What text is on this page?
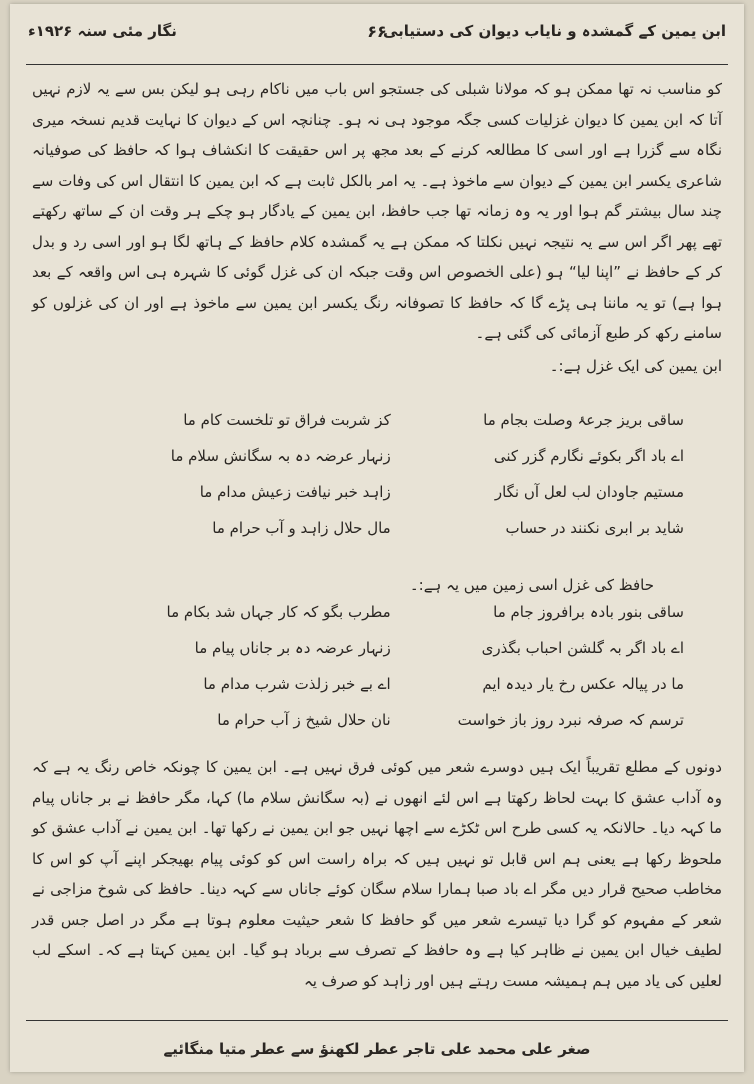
ابن یمین کے گمشدہ و نایاب دیوان کی دستیابی
۶۶
نگار مئی سنہ ۱۹۲۶ء

کو مناسب نہ تھا ممکن ہو کہ مولانا شبلی کی جستجو اس باب میں ناکام رہی ہو لیکن بس سے یہ لازم نہیں آتا کہ ابن یمین کا دیوان غزلیات کسی جگہ موجود ہی نہ ہو۔ چنانچہ اس کے دیوان کا نہایت قدیم نسخہ میری نگاہ سے گزرا ہے اور اسی کا مطالعہ کرنے کے بعد مجھ پر اس حقیقت کا انکشاف ہوا کہ حافظ کی صوفیانہ شاعری یکسر ابن یمین کے دیوان سے ماخوذ ہے۔ یہ امر بالکل ثابت ہے کہ ابن یمین کا انتقال اس کی وفات سے چند سال بیشتر گم ہوا اور یہ وہ زمانہ تھا جب حافظ، ابن یمین کے یادگار ہو چکے ہر وقت ان کے ساتھ رکھتے تھے پھر اگر اس سے یہ نتیجہ نہیں نکلتا کہ ممکن ہے یہ گمشدہ کلام حافظ کے ہاتھ لگا ہو اور اسی رد و بدل کر کے حافظ نے ”اپنا لیا“ ہو (علی الخصوص اس وقت جبکہ ان کی غزل گوئی کا شہرہ ہی اس واقعہ کے بعد ہوا ہے) تو یہ ماننا ہی پڑے گا کہ حافظ کا تصوفانہ رنگ یکسر ابن یمین سے ماخوذ ہے اور ان کی غزلوں کو سامنے رکھ کر طبع آزمائی کی گئی ہے۔

ابن یمین کی ایک غزل ہے:۔

ساقی بریز جرعۂ وصلت بجام ما
کز شربت فراق تو تلخست کام ما
اے باد اگر بکوئے نگارم گزر کنی
زنہار عرضہ دہ بہ سگانش سلام ما
مستیم جاودان لب لعل آں نگار
زاہد خبر نیافت زعیش مدام ما
شاید بر ابری نکنند در حساب
مال حلال زاہد و آب حرام ما
حافظ کی غزل اسی زمین میں یہ ہے:۔
ساقی بنور بادہ برافروز جام ما
مطرب بگو کہ کار جہاں شد بکام ما
اے باد اگر بہ گلشن احباب بگذری
زنہار عرضہ دہ بر جاناں پیام ما
ما در پیالہ عکس رخ یار دیدہ ایم
اے بے خبر زلذت شرب مدام ما
ترسم کہ صرفہ نبرد روز باز خواست
نان حلال شیخ ز آب حرام ما

دونوں کے مطلع تقریباً ایک ہیں دوسرے شعر میں کوئی فرق نہیں ہے۔ ابن یمین کا چونکہ خاص رنگ یہ ہے کہ وہ آداب عشق کا بہت لحاظ رکھتا ہے اس لئے انھوں نے (بہ سگانش سلام ما) کہا، مگر حافظ نے بر جاناں پیام ما کہہ دیا۔ حالانکہ یہ کسی طرح اس ٹکڑے سے اچھا نہیں جو ابن یمین نے رکھا تھا۔ ابن یمین نے آداب عشق کو ملحوظ رکھا ہے یعنی ہم اس قابل تو نہیں ہیں کہ براہ راست اس کو کوئی پیام بھیجکر اپنے آپ کو اس کا مخاطب صحیح قرار دیں مگر اے باد صبا ہمارا سلام سگان کوئے جاناں سے کہہ دینا۔ حافظ کی شوخ مزاجی نے شعر کے مفہوم کو گرا دیا تیسرے شعر میں گو حافظ کا شعر حیثیت معلوم ہوتا ہے مگر در اصل جس قدر لطیف خیال ابن یمین نے ظاہر کیا ہے وہ حافظ کے تصرف سے برباد ہو گیا۔ ابن یمین کہتا ہے کہ۔ اسکے لب لعلیں کی یاد میں ہم ہمیشہ مست رہتے ہیں اور زاہد کو صرف یہ

صغر علی محمد علی تاجر عطر لکھنؤ سے عطر متیا منگائیے
